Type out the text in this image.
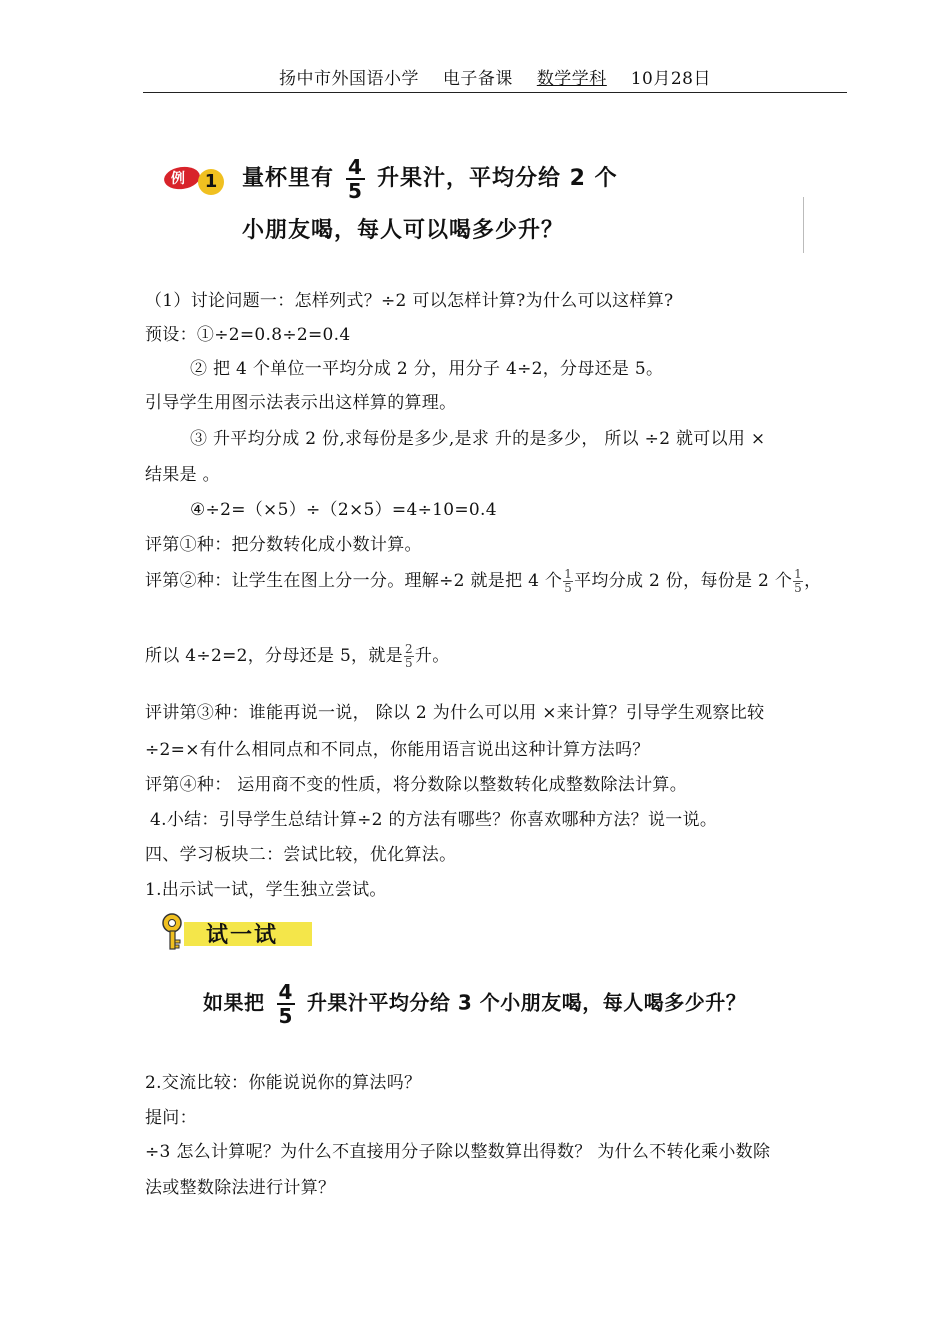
扬中市外国语小学 电子备课 数学学科 10月28日
例	1	量杯里有 $\frac{4}{5}$ 升果汁，平均分给 2 个
小朋友喝，每人可以喝多少升？
（1）讨论问题一：怎样列式？÷2 可以怎样计算?为什么可以这样算?
预设：①÷2=0.8÷2=0.4
② 把 4 个单位一平均分成 2 分，用分子 4÷2，分母还是 5。
引导学生用图示法表示出这样算的算理。
③ 升平均分成 2 份,求每份是多少,是求 升的是多少， 所以 ÷2 就可以用 ×
结果是 。
④÷2=（×5）÷（2×5）=4÷10=0.4
评第①种：把分数转化成小数计算。
评第②种：让学生在图上分一分。理解÷2 就是把 4 个 $\frac{1}{5}$ 平均分成 2 份，每份是 2 个 $\frac{1}{5}$ ，
所以 4÷2=2，分母还是 5，就是 $\frac{2}{5}$ 升。
评讲第③种：谁能再说一说， 除以 2 为什么可以用 ×来计算？引导学生观察比较
÷2=×有什么相同点和不同点，你能用语言说出这种计算方法吗？
评第④种： 运用商不变的性质，将分数除以整数转化成整数除法计算。
4.小结：引导学生总结计算÷2 的方法有哪些？你喜欢哪种方法？说一说。
四、学习板块二：尝试比较，优化算法。
1.出示试一试，学生独立尝试。
试一试
如果把 $\frac{4}{5}$ 升果汁平均分给 3 个小朋友喝，每人喝多少升？
2.交流比较：你能说说你的算法吗？
提问：
÷3 怎么计算呢？为什么不直接用分子除以整数算出得数？ 为什么不转化乘小数除
法或整数除法进行计算？
